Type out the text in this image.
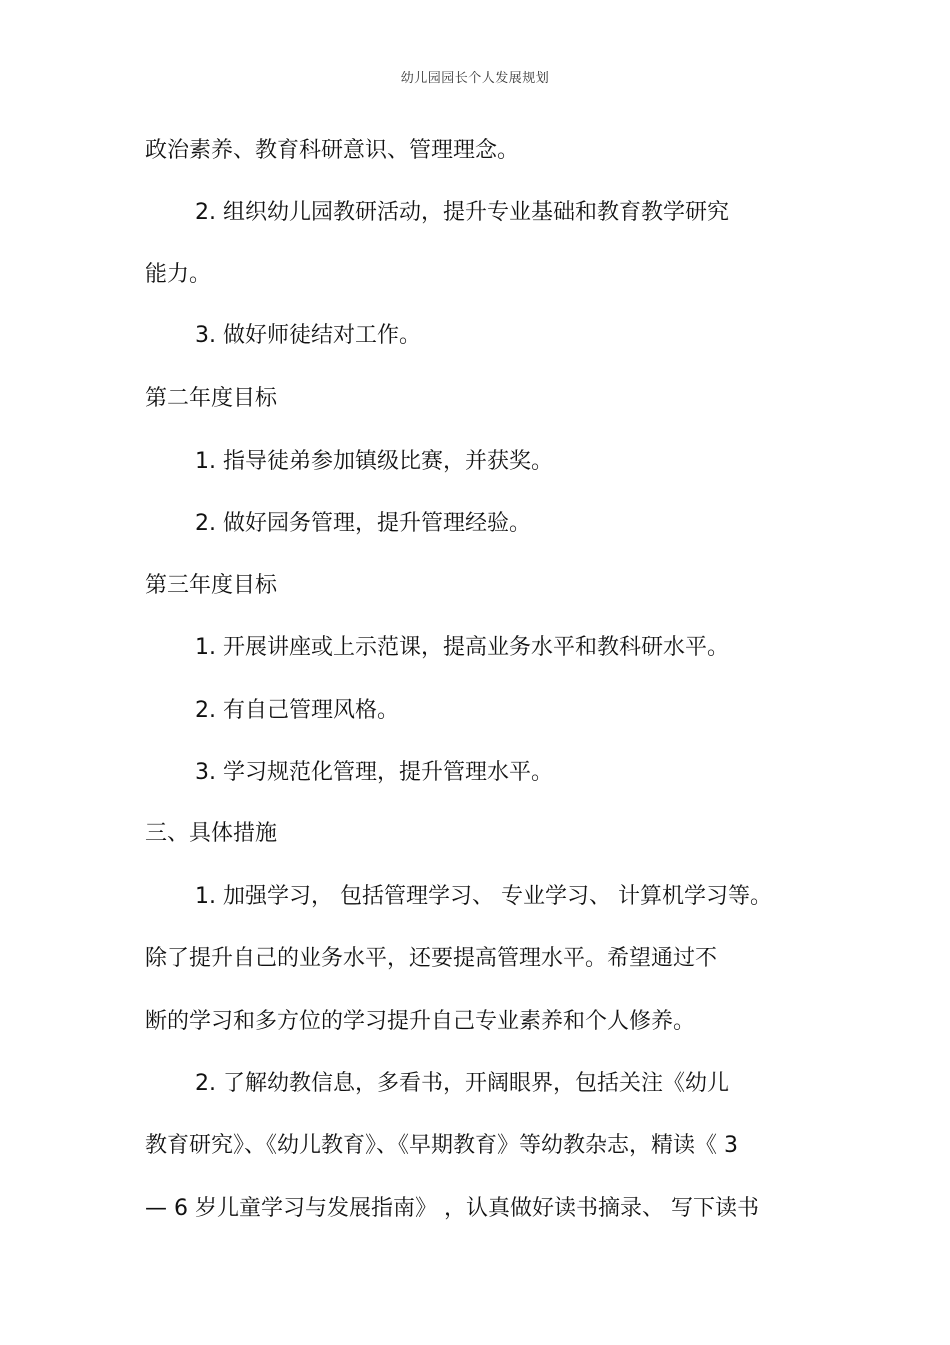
幼儿园园长个人发展规划
政治素养、教育科研意识、管理理念。
2. 组织幼儿园教研活动，提升专业基础和教育教学研究
能力。
3. 做好师徒结对工作。
第二年度目标
1. 指导徒弟参加镇级比赛，并获奖。
2. 做好园务管理，提升管理经验。
第三年度目标
1. 开展讲座或上示范课，提高业务水平和教科研水平。
2. 有自己管理风格。
3. 学习规范化管理，提升管理水平。
三、具体措施
1. 加强学习， 包括管理学习、 专业学习、 计算机学习等。
除了提升自己的业务水平，还要提高管理水平。希望通过不
断的学习和多方位的学习提升自己专业素养和个人修养。
2. 了解幼教信息，多看书，开阔眼界，包括关注《幼儿
教育研究》、《幼儿教育》、《早期教育》等幼教杂志，精读《 3
— 6 岁儿童学习与发展指南》 ，认真做好读书摘录、 写下读书
